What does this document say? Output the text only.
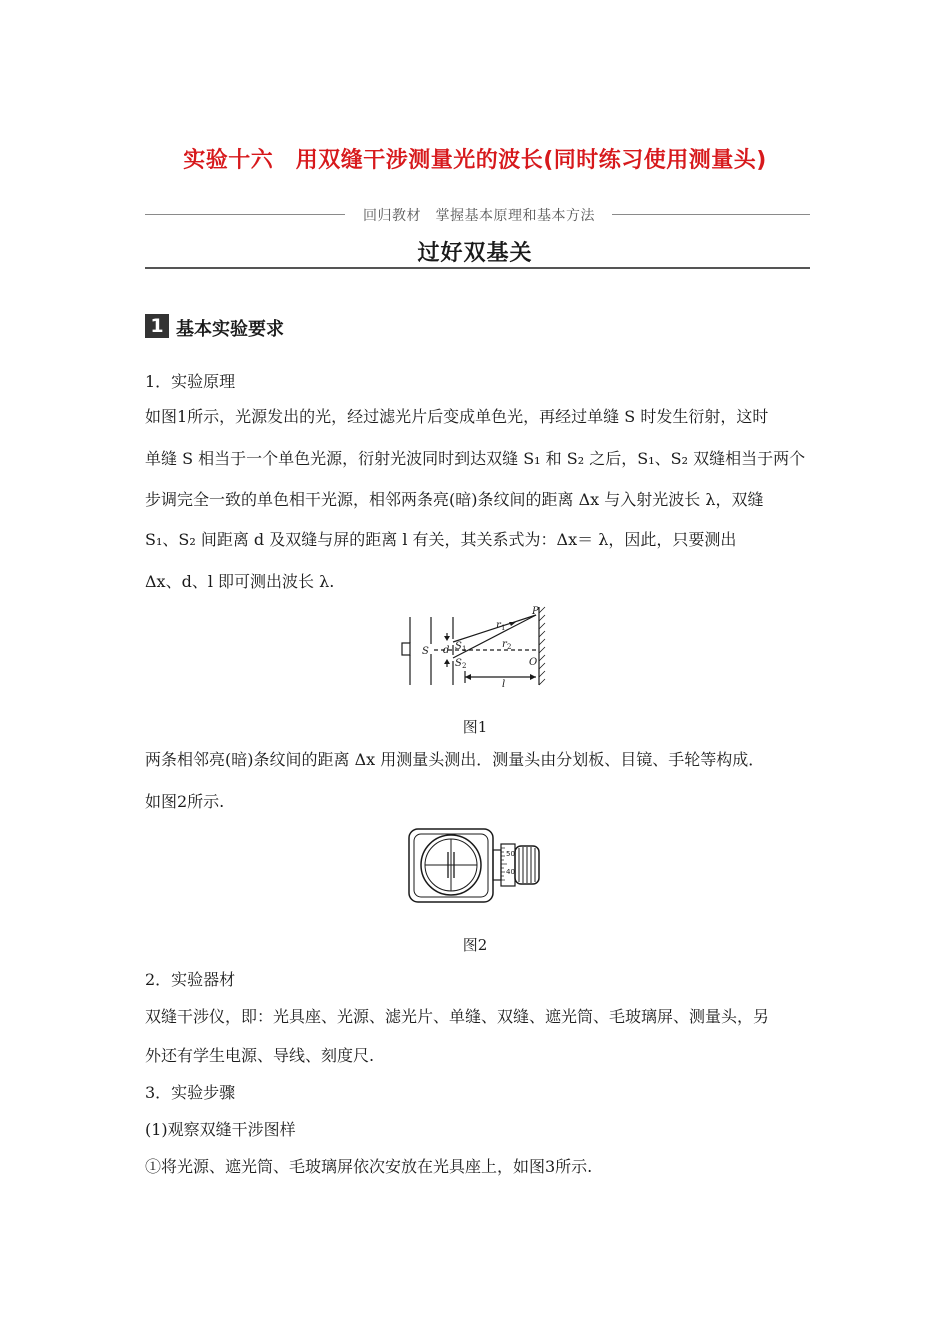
实验十六　用双缝干涉测量光的波长(同时练习使用测量头)
回归教材　掌握基本原理和基本方法
过好双基关
1 基本实验要求
1．实验原理
如图1所示，光源发出的光，经过滤光片后变成单色光，再经过单缝 S 时发生衍射，这时
单缝 S 相当于一个单色光源，衍射光波同时到达双缝 S₁ 和 S₂ 之后，S₁、S₂ 双缝相当于两个
步调完全一致的单色相干光源，相邻两条亮(暗)条纹间的距离 Δx 与入射光波长 λ，双缝
S₁、S₂ 间距离 d 及双缝与屏的距离 l 有关，其关系式为：Δx＝ λ，因此，只要测出
Δx、d、l 即可测出波长 λ.
S d S 1
S 2
r 1
r 2
P
O
l
图1
两条相邻亮(暗)条纹间的距离 Δx 用测量头测出．测量头由分划板、目镜、手轮等构成．
如图2所示.
50
40
图2
2．实验器材
双缝干涉仪，即：光具座、光源、滤光片、单缝、双缝、遮光筒、毛玻璃屏、测量头，另
外还有学生电源、导线、刻度尺.
3．实验步骤
(1)观察双缝干涉图样
①将光源、遮光筒、毛玻璃屏依次安放在光具座上，如图3所示.
